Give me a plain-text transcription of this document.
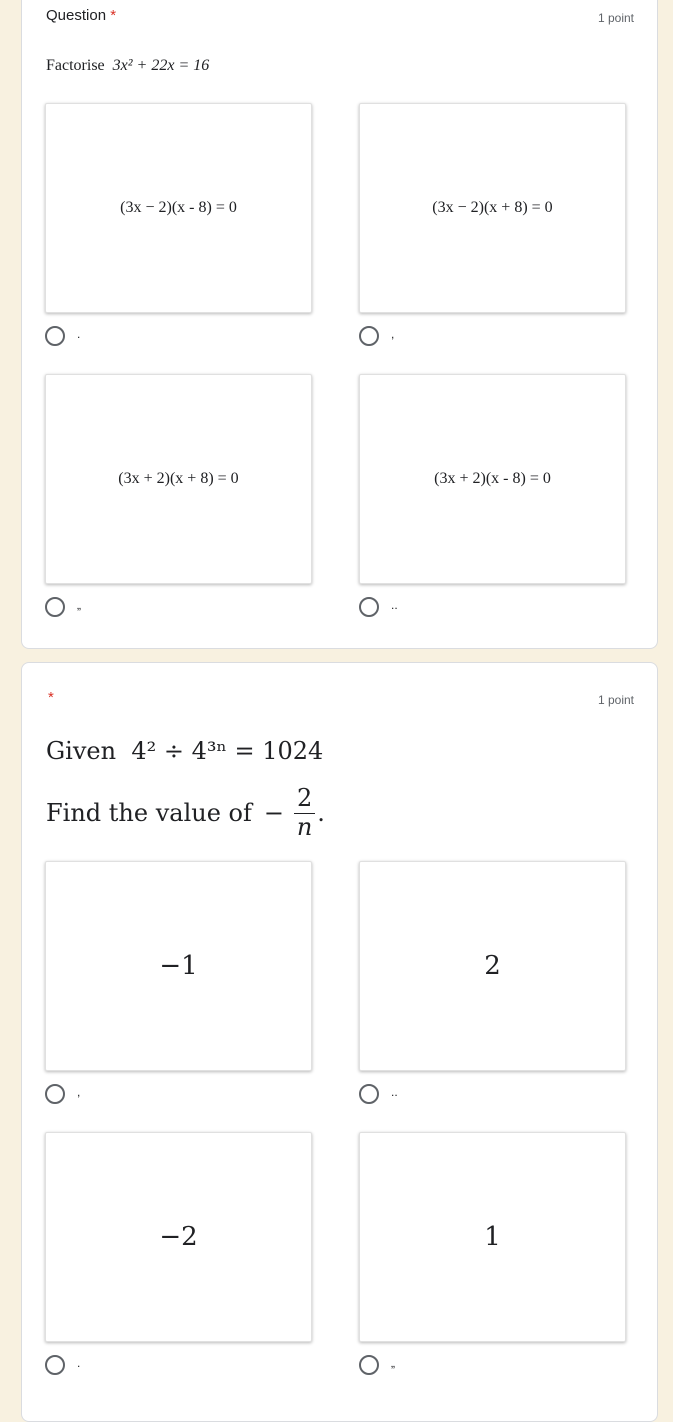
Question *	1 point
Factorise 3x² + 22x = 16
(3x − 2)(x - 8) = 0	(3x − 2)(x + 8) = 0
.	,
(3x + 2)(x + 8) = 0	(3x + 2)(x - 8) = 0
„	..
*	1 point
Given 4² ÷ 4³ⁿ = 1024
Find the value of − $\frac{2}{n}$ .
−1	2
,	..
−2	1
.	„
